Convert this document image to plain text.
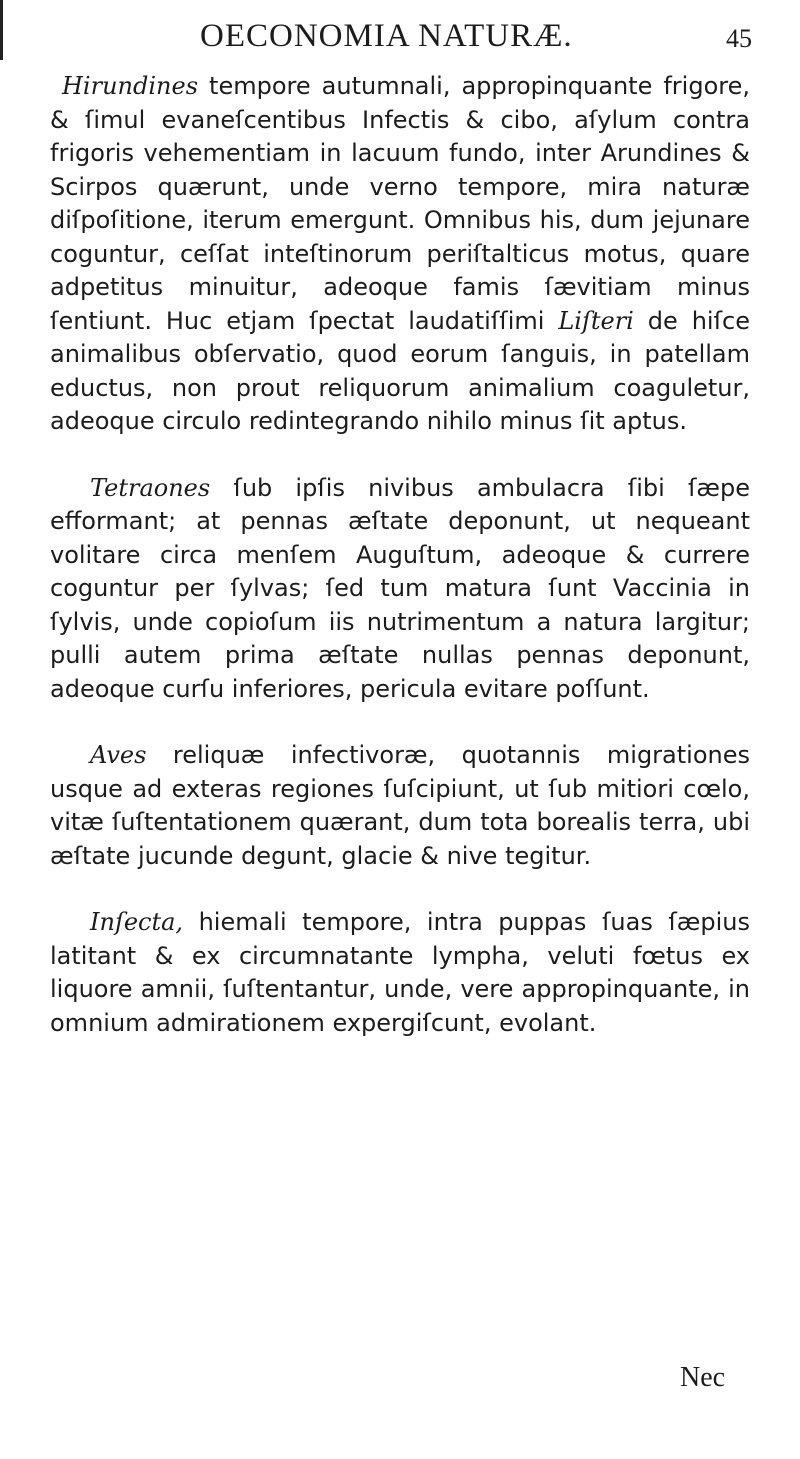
OECONOMIA NATURÆ.	45

Hirundines tempore autumnali, appropinquante frigore, & ſimul evaneſcentibus Infectis & cibo, aſylum contra frigoris vehementiam in lacuum fundo, inter Arundines & Scirpos quærunt, unde verno tempore, mira naturæ diſpoſitione, iterum emergunt. Omnibus his, dum jejunare coguntur, ceſſat inteſtinorum periſtalticus motus, quare adpetitus minuitur, adeoque famis ſævitiam minus ſentiunt. Huc etjam ſpectat laudatiſſimi Liſteri de hiſce animalibus obſervatio, quod eorum ſanguis, in patellam eductus, non prout reliquorum animalium coaguletur, adeoque circulo redintegrando nihilo minus ſit aptus.

Tetraones ſub ipſis nivibus ambulacra ſibi ſæpe efformant; at pennas æſtate deponunt, ut nequeant volitare circa menſem Auguſtum, adeoque & currere coguntur per ſylvas; ſed tum matura ſunt Vaccinia in ſylvis, unde copioſum iis nutrimentum a natura largitur; pulli autem prima æſtate nullas pennas deponunt, adeoque curſu inferiores, pericula evitare poſſunt.

Aves reliquæ infectivoræ, quotannis migrationes usque ad exteras regiones ſuſcipiunt, ut ſub mitiori cœlo, vitæ ſuſtentationem quærant, dum tota borealis terra, ubi æſtate jucunde degunt, glacie & nive tegitur.

Inſecta, hiemali tempore, intra puppas ſuas ſæpius latitant & ex circumnatante lympha, veluti fœtus ex liquore amnii, ſuſtentantur, unde, vere appropinquante, in omnium admirationem expergiſcunt, evolant.

Nec
